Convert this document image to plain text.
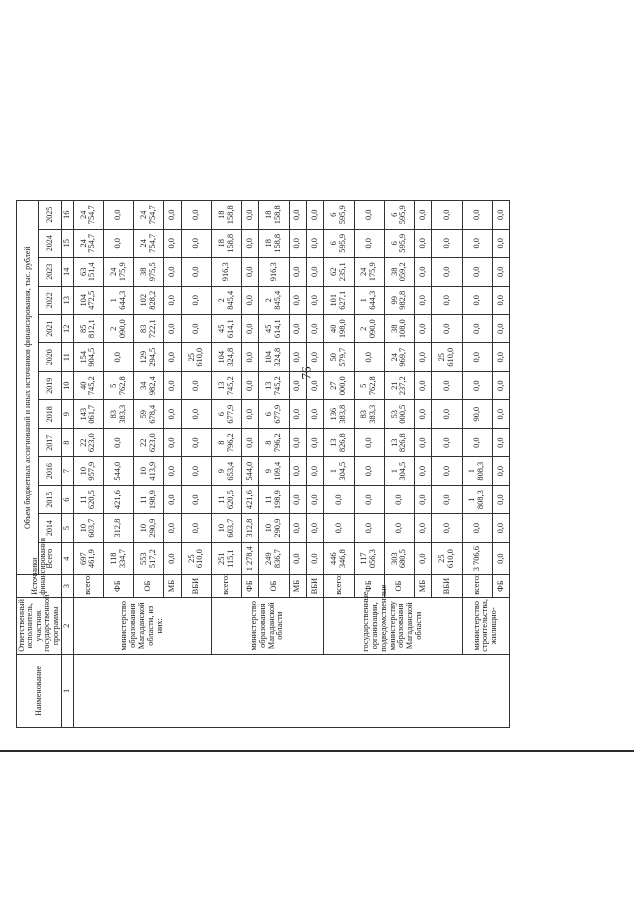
76
Наименование	Ответственный исполнитель, участник государственной программы	Источники финансирования	Объем бюджетных ассигнований и иных источников финансирования, тыс. рублей												
			Всего	2014	2015	2016	2017	2018	2019	2020	2021	2022	2023	2024	2025
1	2	3	4	5	6	7	8	9	10	11	12	13	14	15	16
	министерство образования Магаданской области, из них:	всего:	697 461,9	10 603,7	11 620,5	10 957,9	22 623,0	143 061,7	40 745,2	154 904,5	85 812,1	104 472,5	63 151,4	24 754,7	24 754,7
		ФБ	118 334,7	312,8	421,6	544,0	0,0	83 383,3	5 762,8	0,0	2 090,0	1 644,3	24 175,9	0,0	0,0
		ОБ	553 517,2	10 290,9	11 198,9	10 413,9	22 623,0	59 678,4	34 982,4	129 294,5	83 722,1	102 828,2	38 975,5	24 754,7	24 754,7
		МБ	0,0	0,0	0,0	0,0	0,0	0,0	0,0	0,0	0,0	0,0	0,0	0,0	0,0
		ВБИ	25 610,0	0,0	0,0	0,0	0,0	0,0	0,0	25 610,0	0,0	0,0	0,0	0,0	0,0
	министерство образования Магаданской области	всего:	251 115,1	10 603,7	11 620,5	9 653,4	8 796,2	6 677,9	13 745,2	104 324,8	45 614,1	2 845,4	916,3	18 158,8	18 158,8
		ФБ	1 278,4	312,8	421,6	544,0	0,0	0,0	0,0	0,0	0,0	0,0	0,0	0,0	0,0
		ОБ	249 836,7	10 290,9	11 198,9	9 109,4	8 796,2	6 677,9	13 745,2	104 324,8	45 614,1	2 845,4	916,3	18 158,8	18 158,8
		МБ	0,0	0,0	0,0	0,0	0,0	0,0	0,0	0,0	0,0	0,0	0,0	0,0	0,0
		ВБИ	0,0	0,0	0,0	0,0	0,0	0,0	0,0	0,0	0,0	0,0	0,0	0,0	0,0
	государственные организации, подведомственные министерству образования Магаданской области	всего:	446 346,8	0,0	0,0	1 304,5	13 826,8	136 383,8	27 000,0	50 579,7	40 198,0	101 627,1	62 235,1	6 595,9	6 595,9
		ФБ	117 056,3	0,0	0,0	0,0	0,0	83 383,3	5 762,8	0,0	2 090,0	1 644,3	24 175,9	0,0	0,0
		ОБ	303 680,5	0,0	0,0	1 304,5	13 826,8	53 000,5	21 237,2	24 969,7	38 108,0	99 982,8	38 059,2	6 595,9	6 595,9
		МБ	0,0	0,0	0,0	0,0	0,0	0,0	0,0	0,0	0,0	0,0	0,0	0,0	0,0
		ВБИ	25 610,0	0,0	0,0	0,0	0,0	0,0	0,0	25 610,0	0,0	0,0	0,0	0,0	0,0
	министерство строительства, жилищно-	всего:	3 706,6	0,0	1 808,3	1 808,3	0,0	90,0	0,0	0,0	0,0	0,0	0,0	0,0	0,0
		ФБ	0,0	0,0	0,0	0,0	0,0	0,0	0,0	0,0	0,0	0,0	0,0	0,0	0,0
